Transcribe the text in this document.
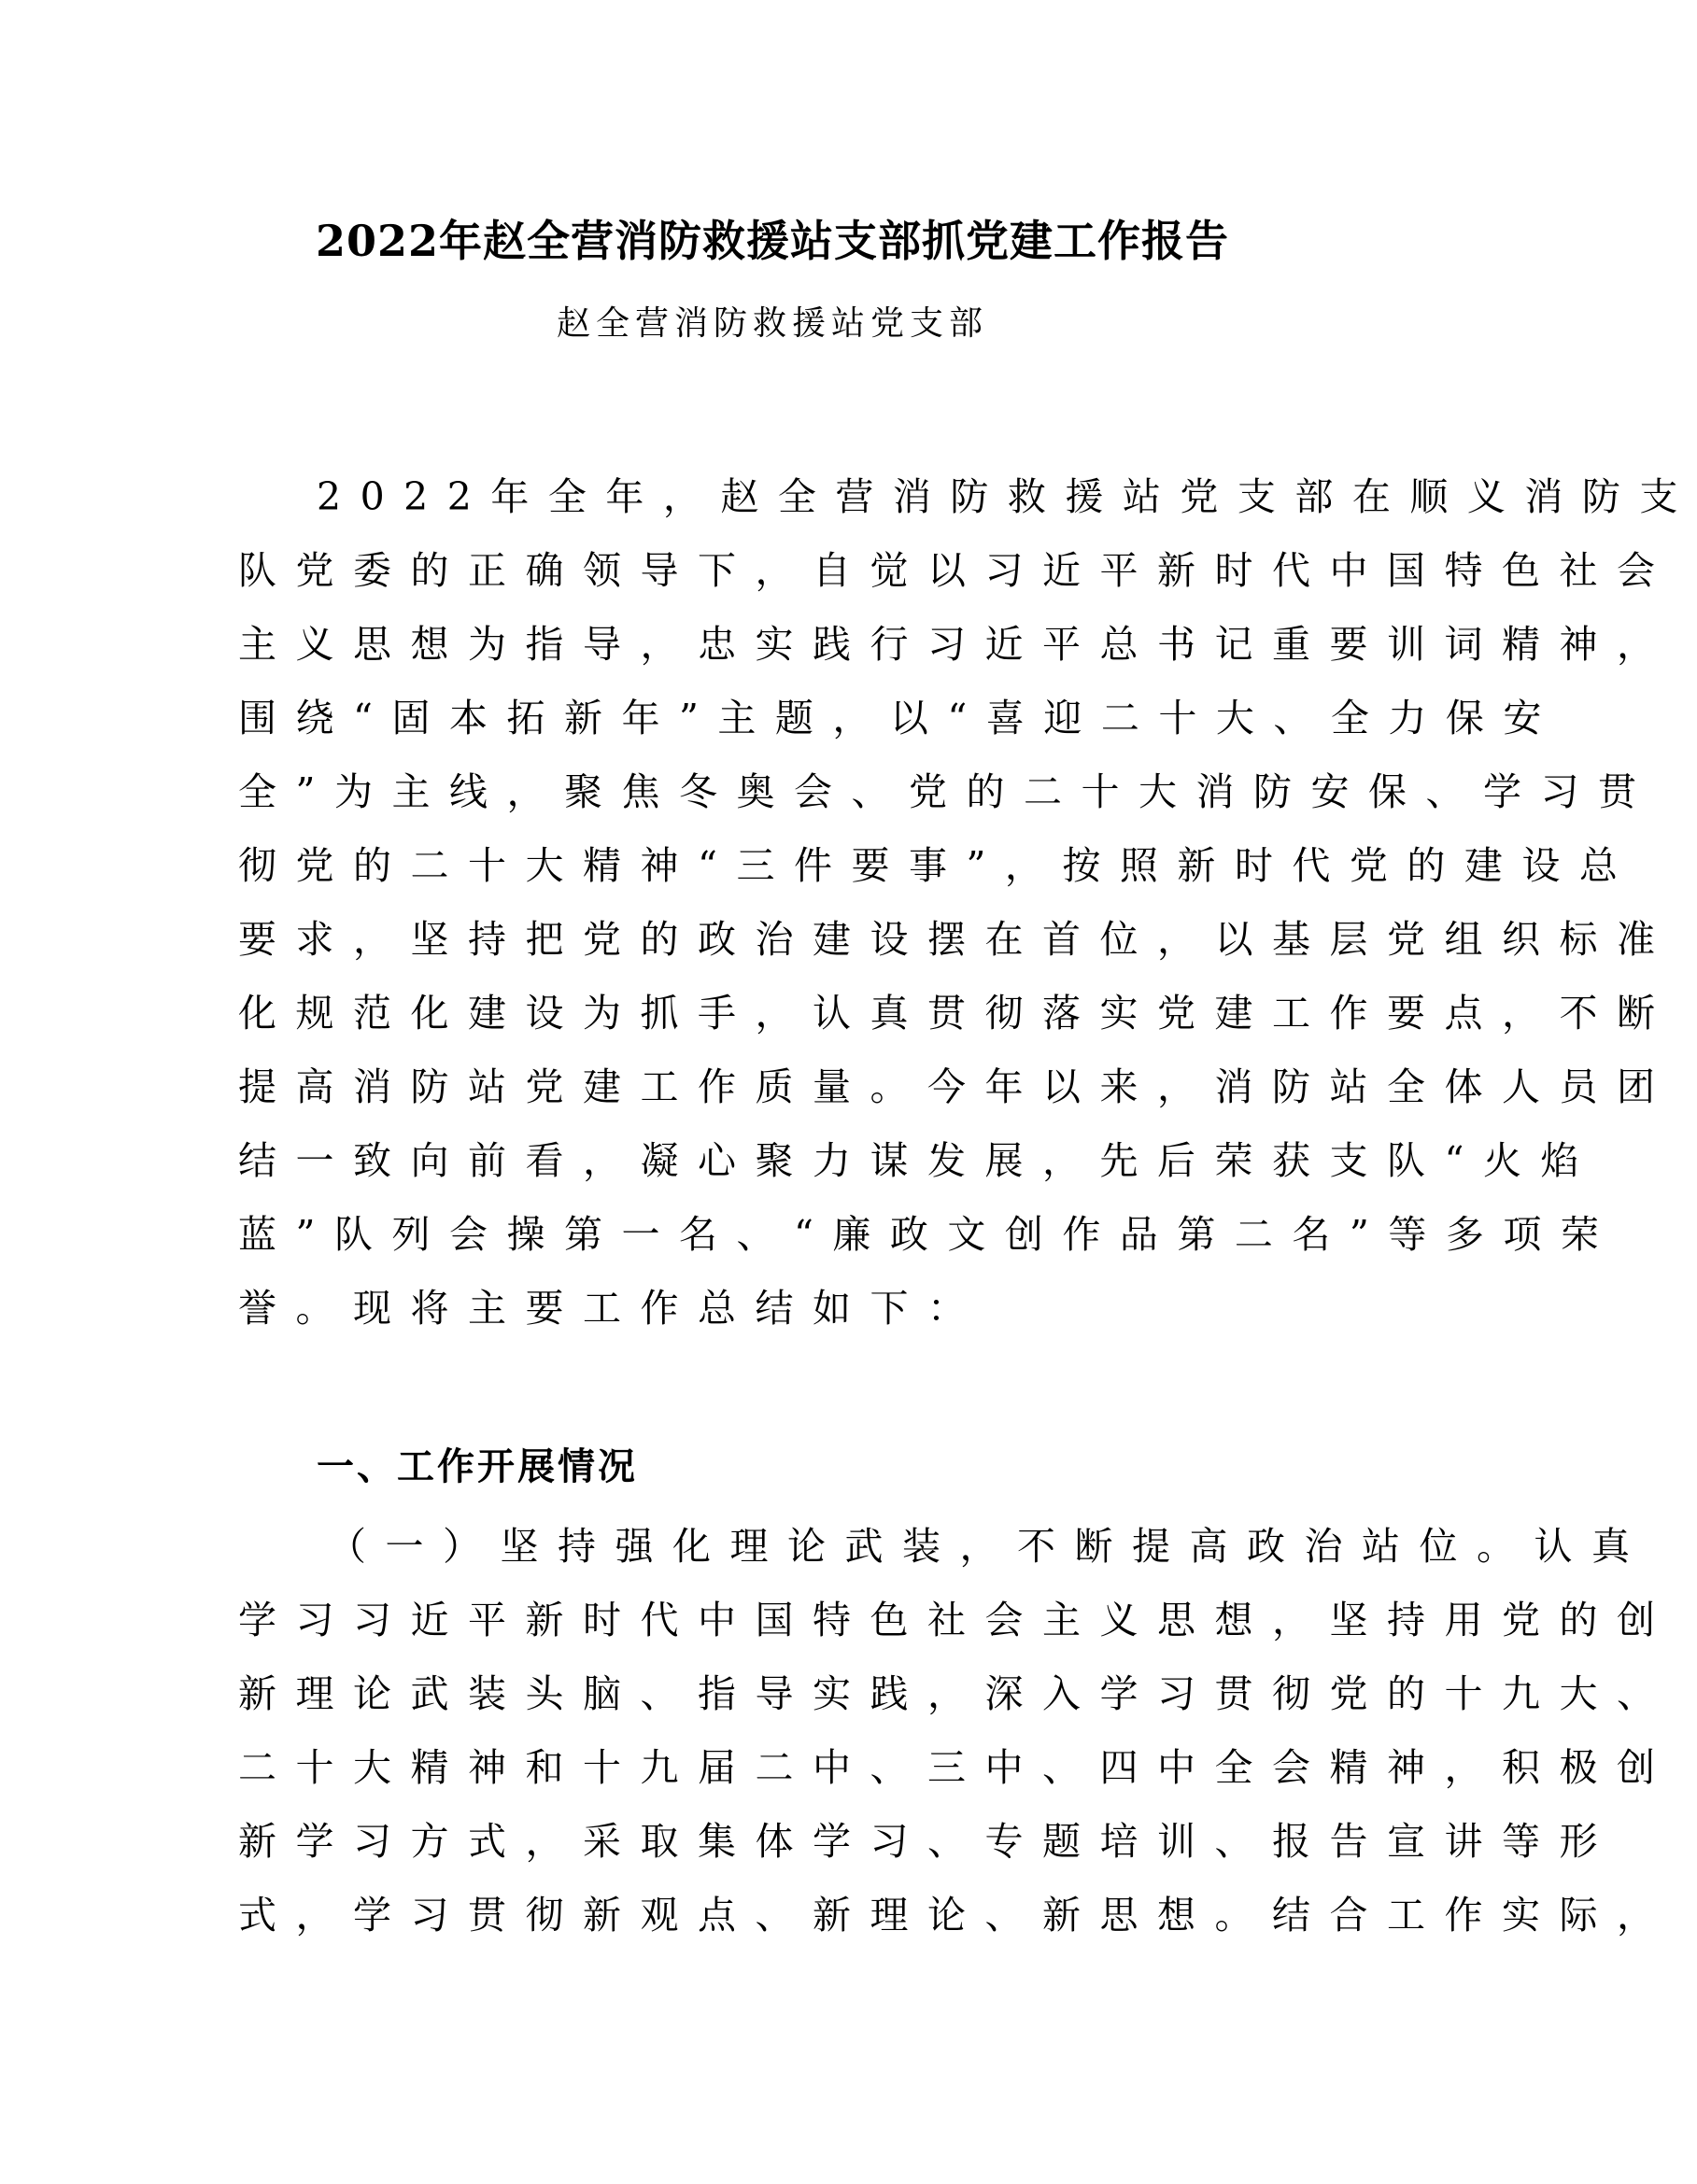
2022年赵全营消防救援站支部抓党建工作报告
赵全营消防救援站党支部
2022年全年，赵全营消防救援站党支部在顺义消防支
队党委的正确领导下，自觉以习近平新时代中国特色社会
主义思想为指导，忠实践行习近平总书记重要训词精神，
围绕“固本拓新年”主题，以“喜迎二十大、全力保安
全”为主线，聚焦冬奥会、党的二十大消防安保、学习贯
彻党的二十大精神“三件要事”，按照新时代党的建设总
要求，坚持把党的政治建设摆在首位，以基层党组织标准
化规范化建设为抓手，认真贯彻落实党建工作要点，不断
提高消防站党建工作质量。今年以来，消防站全体人员团
结一致向前看，凝心聚力谋发展，先后荣获支队“火焰
蓝”队列会操第一名、“廉政文创作品第二名”等多项荣
誉。现将主要工作总结如下：
一、工作开展情况
（一）坚持强化理论武装，不断提高政治站位。认真
学习习近平新时代中国特色社会主义思想，坚持用党的创
新理论武装头脑、指导实践，深入学习贯彻党的十九大、
二十大精神和十九届二中、三中、四中全会精神，积极创
新学习方式，采取集体学习、专题培训、报告宣讲等形
式，学习贯彻新观点、新理论、新思想。结合工作实际，
